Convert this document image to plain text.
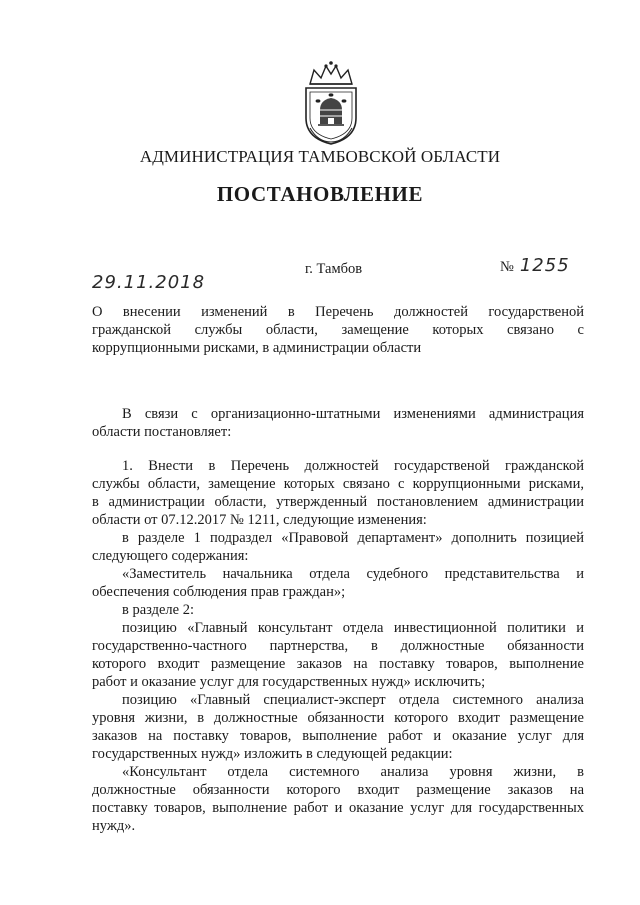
АДМИНИСТРАЦИЯ ТАМБОВСКОЙ ОБЛАСТИ
ПОСТАНОВЛЕНИЕ
29.11.2018
г. Тамбов	№ 1255
О внесении изменений в Перечень должностей государственой
гражданской службы области, замещение которых связано с
коррупционными рисками, в администрации области
В связи с организационно-штатными изменениями администрация
области постановляет:
1. Внести в Перечень должностей государственой гражданской
службы области, замещение которых связано с коррупционными рисками,
в администрации области, утвержденный постановлением администрации
области от 07.12.2017 № 1211, следующие изменения:
в разделе 1 подраздел «Правовой департамент» дополнить позицией
следующего содержания:
«Заместитель начальника отдела судебного представительства и
обеспечения соблюдения прав граждан»;
в разделе 2:
позицию «Главный консультант отдела инвестиционной политики и
государственно-частного партнерства, в должностные обязанности
которого входит размещение заказов на поставку товаров, выполнение
работ и оказание услуг для государственных нужд» исключить;
позицию «Главный специалист-эксперт отдела системного анализа
уровня жизни, в должностные обязанности которого входит размещение
заказов на поставку товаров, выполнение работ и оказание услуг для
государственных нужд» изложить в следующей редакции:
«Консультант отдела системного анализа уровня жизни, в
должностные обязанности которого входит размещение заказов на
поставку товаров, выполнение работ и оказание услуг для государственных
нужд».
